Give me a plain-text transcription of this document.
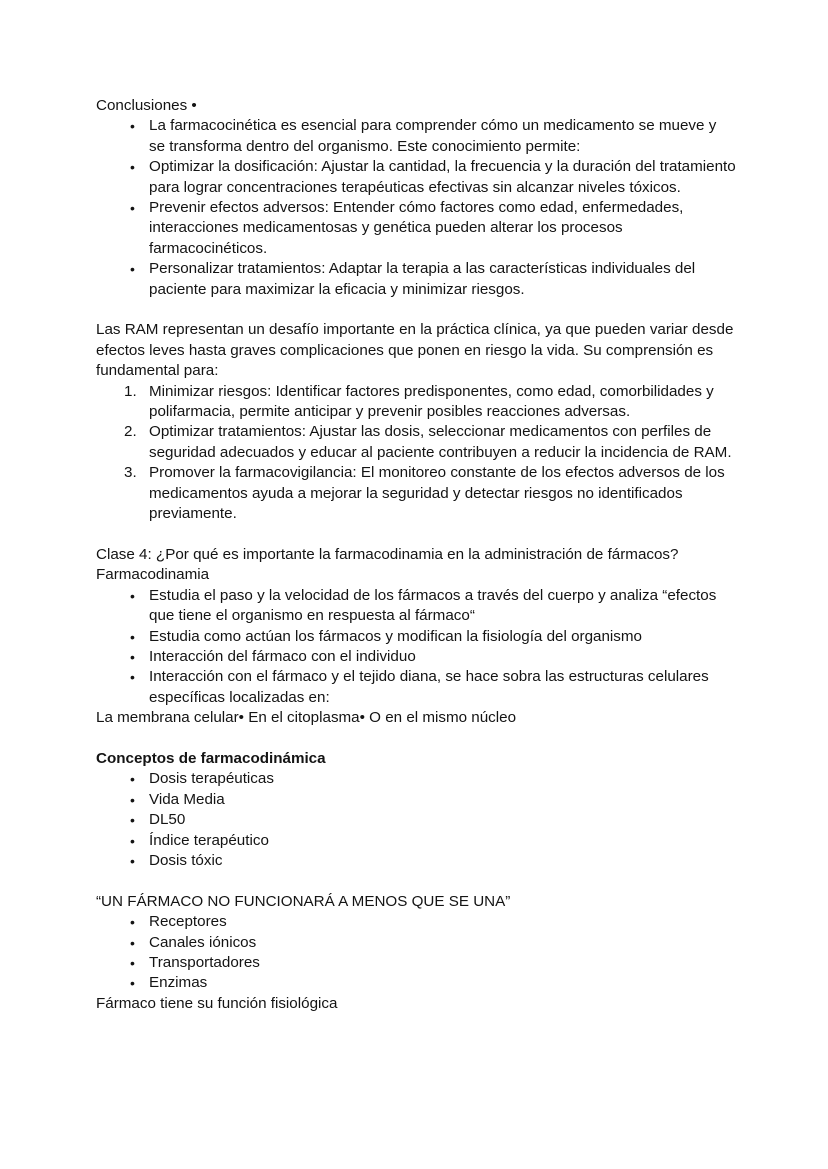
Conclusiones •

• La farmacocinética es esencial para comprender cómo un medicamento se mueve y se transforma dentro del organismo. Este conocimiento permite:
• Optimizar la dosificación: Ajustar la cantidad, la frecuencia y la duración del tratamiento para lograr concentraciones terapéuticas efectivas sin alcanzar niveles tóxicos.
• Prevenir efectos adversos: Entender cómo factores como edad, enfermedades, interacciones medicamentosas y genética pueden alterar los procesos farmacocinéticos.
• Personalizar tratamientos: Adaptar la terapia a las características individuales del paciente para maximizar la eficacia y minimizar riesgos.

Las RAM representan un desafío importante en la práctica clínica, ya que pueden variar desde efectos leves hasta graves complicaciones que ponen en riesgo la vida. Su comprensión es fundamental para:

Minimizar riesgos: Identificar factores predisponentes, como edad, comorbilidades y polifarmacia, permite anticipar y prevenir posibles reacciones adversas.
Optimizar tratamientos: Ajustar las dosis, seleccionar medicamentos con perfiles de seguridad adecuados y educar al paciente contribuyen a reducir la incidencia de RAM.
Promover la farmacovigilancia: El monitoreo constante de los efectos adversos de los medicamentos ayuda a mejorar la seguridad y detectar riesgos no identificados previamente.

Clase 4: ¿Por qué es importante la farmacodinamia en la administración de fármacos?

Farmacodinamia

• Estudia el paso y la velocidad de los fármacos a través del cuerpo y analiza “efectos que tiene el organismo en respuesta al fármaco“
• Estudia como actúan los fármacos y modifican la fisiología del organismo
• Interacción del fármaco con el individuo
• Interacción con el fármaco y el tejido diana, se hace sobra las estructuras celulares específicas localizadas en:

La membrana celular• En el citoplasma• O en el mismo núcleo

Conceptos de farmacodinámica

• Dosis terapéuticas
• Vida Media
• DL50
• Índice terapéutico
• Dosis tóxic

“UN FÁRMACO NO FUNCIONARÁ A MENOS QUE SE UNA”

• Receptores
• Canales iónicos
• Transportadores
• Enzimas

Fármaco tiene su función fisiológica
